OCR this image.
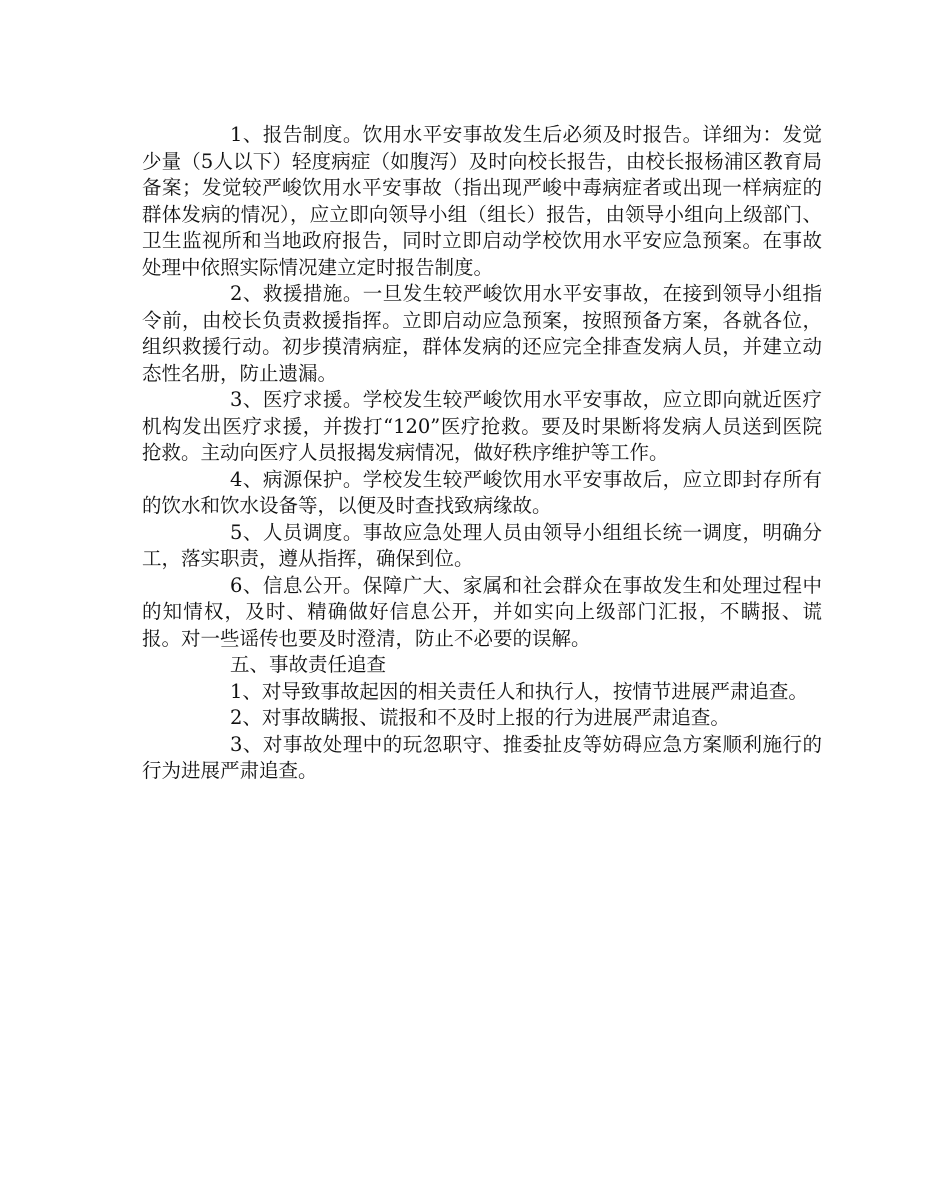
1、报告制度。饮用水平安事故发生后必须及时报告。详细为：发觉少量（5人以下）轻度病症（如腹泻）及时向校长报告，由校长报杨浦区教育局备案；发觉较严峻饮用水平安事故（指出现严峻中毒病症者或出现一样病症的群体发病的情况），应立即向领导小组（组长）报告，由领导小组向上级部门、卫生监视所和当地政府报告，同时立即启动学校饮用水平安应急预案。在事故处理中依照实际情况建立定时报告制度。

2、救援措施。一旦发生较严峻饮用水平安事故，在接到领导小组指令前，由校长负责救援指挥。立即启动应急预案，按照预备方案，各就各位，组织救援行动。初步摸清病症，群体发病的还应完全排查发病人员，并建立动态性名册，防止遗漏。

3、医疗求援。学校发生较严峻饮用水平安事故，应立即向就近医疗机构发出医疗求援，并拨打“120”医疗抢救。要及时果断将发病人员送到医院抢救。主动向医疗人员报揭发病情况，做好秩序维护等工作。

4、病源保护。学校发生较严峻饮用水平安事故后，应立即封存所有的饮水和饮水设备等，以便及时查找致病缘故。

5、人员调度。事故应急处理人员由领导小组组长统一调度，明确分工，落实职责，遵从指挥，确保到位。

6、信息公开。保障广大、家属和社会群众在事故发生和处理过程中的知情权，及时、精确做好信息公开，并如实向上级部门汇报，不瞒报、谎报。对一些谣传也要及时澄清，防止不必要的误解。

五、事故责任追查

1、对导致事故起因的相关责任人和执行人，按情节进展严肃追查。

2、对事故瞒报、谎报和不及时上报的行为进展严肃追查。

3、对事故处理中的玩忽职守、推委扯皮等妨碍应急方案顺利施行的行为进展严肃追查。
